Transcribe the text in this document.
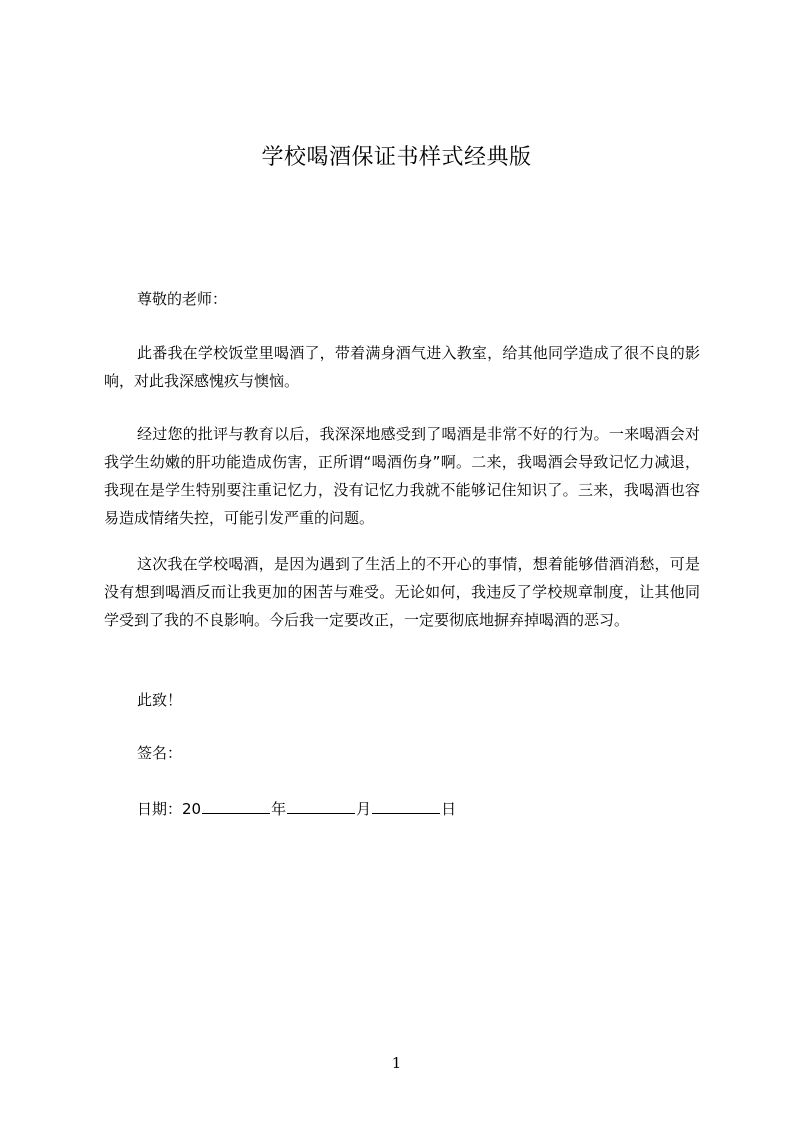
学校喝酒保证书样式经典版
尊敬的老师：

此番我在学校饭堂里喝酒了，带着满身酒气进入教室，给其他同学造成了很不良的影响，对此我深感愧疚与懊恼。

经过您的批评与教育以后，我深深地感受到了喝酒是非常不好的行为。一来喝酒会对我学生幼嫩的肝功能造成伤害，正所谓“喝酒伤身”啊。二来，我喝酒会导致记忆力减退，我现在是学生特别要注重记忆力，没有记忆力我就不能够记住知识了。三来，我喝酒也容易造成情绪失控，可能引发严重的问题。

这次我在学校喝酒，是因为遇到了生活上的不开心的事情，想着能够借酒消愁，可是没有想到喝酒反而让我更加的困苦与难受。无论如何，我违反了学校规章制度，让其他同学受到了我的不良影响。今后我一定要改正，一定要彻底地摒弃掉喝酒的恶习。

此致！
签名：
日期：20	年	月	日
1
